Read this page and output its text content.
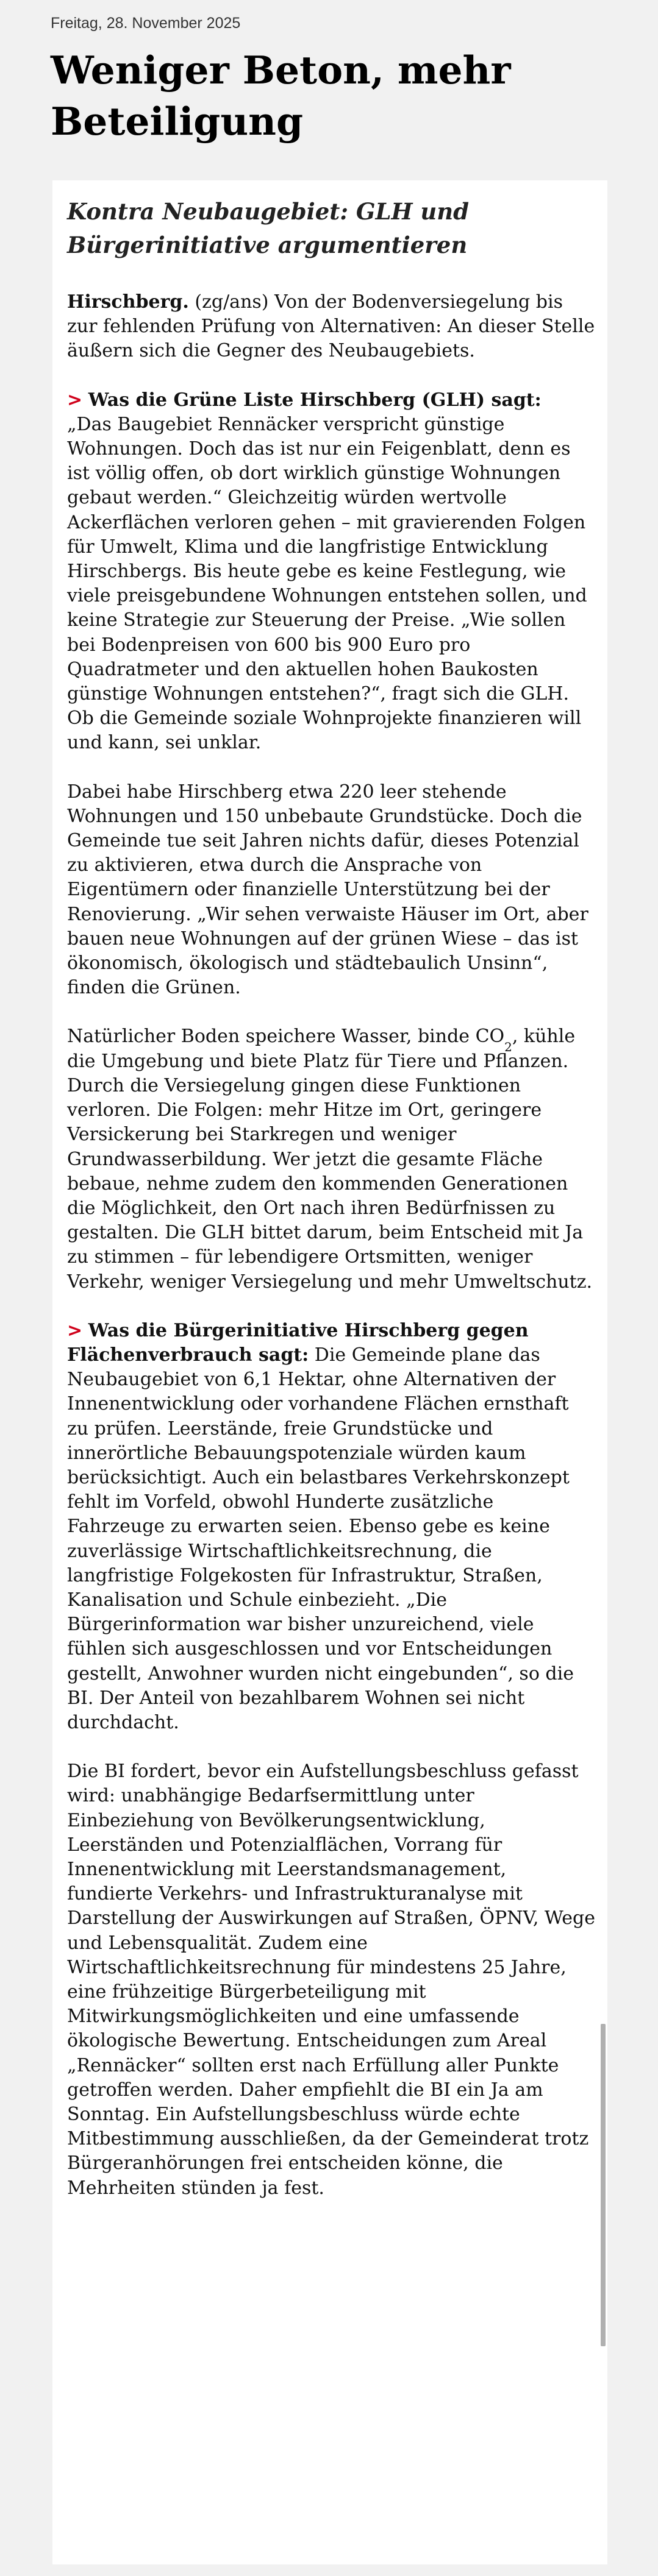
Freitag, 28. November 2025
Weniger Beton, mehr Beteiligung
Kontra Neubaugebiet: GLH und Bürgerinitiative argumentieren

Hirschberg. (zg/ans) Von der Bodenversiegelung bis zur fehlenden Prüfung von Alternativen: An dieser Stelle äußern sich die Gegner des Neubaugebiets.

> Was die Grüne Liste Hirschberg (GLH) sagt:
„Das Baugebiet Rennäcker verspricht günstige Wohnungen. Doch das ist nur ein Feigenblatt, denn es ist völlig offen, ob dort wirklich günstige Wohnungen gebaut werden.“ Gleichzeitig würden wertvolle Ackerflächen verloren gehen – mit gravierenden Folgen für Umwelt, Klima und die langfristige Entwicklung Hirschbergs. Bis heute gebe es keine Festlegung, wie viele preisgebundene Wohnungen entstehen sollen, und keine Strategie zur Steuerung der Preise. „Wie sollen bei Bodenpreisen von 600 bis 900 Euro pro Quadratmeter und den aktuellen hohen Baukosten günstige Wohnungen entstehen?“, fragt sich die GLH. Ob die Gemeinde soziale Wohnprojekte finanzieren will und kann, sei unklar.

Dabei habe Hirschberg etwa 220 leer stehende Wohnungen und 150 unbebaute Grundstücke. Doch die Gemeinde tue seit Jahren nichts dafür, dieses Potenzial zu aktivieren, etwa durch die Ansprache von Eigentümern oder finanzielle Unterstützung bei der Renovierung. „Wir sehen verwaiste Häuser im Ort, aber bauen neue Wohnungen auf der grünen Wiese – das ist ökonomisch, ökologisch und städtebaulich Unsinn“, finden die Grünen.

Natürlicher Boden speichere Wasser, binde $CO_2$, kühle die Umgebung und biete Platz für Tiere und Pflanzen. Durch die Versiegelung gingen diese Funktionen verloren. Die Folgen: mehr Hitze im Ort, geringere Versickerung bei Starkregen und weniger Grundwasserbildung. Wer jetzt die gesamte Fläche bebaue, nehme zudem den kommenden Generationen die Möglichkeit, den Ort nach ihren Bedürfnissen zu gestalten. Die GLH bittet darum, beim Entscheid mit Ja zu stimmen – für lebendigere Ortsmitten, weniger Verkehr, weniger Versiegelung und mehr Umweltschutz.

> Was die Bürgerinitiative Hirschberg gegen Flächenverbrauch sagt: Die Gemeinde plane das Neubaugebiet von 6,1 Hektar, ohne Alternativen der Innenentwicklung oder vorhandene Flächen ernsthaft zu prüfen. Leerstände, freie Grundstücke und innerörtliche Bebauungspotenziale würden kaum berücksichtigt. Auch ein belastbares Verkehrskonzept fehlt im Vorfeld, obwohl Hunderte zusätzliche Fahrzeuge zu erwarten seien. Ebenso gebe es keine zuverlässige Wirtschaftlichkeitsrechnung, die langfristige Folgekosten für Infrastruktur, Straßen, Kanalisation und Schule einbezieht. „Die Bürgerinformation war bisher unzureichend, viele fühlen sich ausgeschlossen und vor Entscheidungen gestellt, Anwohner wurden nicht eingebunden“, so die BI. Der Anteil von bezahlbarem Wohnen sei nicht durchdacht.

Die BI fordert, bevor ein Aufstellungsbeschluss gefasst wird: unabhängige Bedarfsermittlung unter Einbeziehung von Bevölkerungsentwicklung, Leerständen und Potenzialflächen, Vorrang für Innenentwicklung mit Leerstandsmanagement, fundierte Verkehrs- und Infrastrukturanalyse mit Darstellung der Auswirkungen auf Straßen, ÖPNV, Wege und Lebensqualität. Zudem eine Wirtschaftlichkeitsrechnung für mindestens 25 Jahre, eine frühzeitige Bürgerbeteiligung mit Mitwirkungsmöglichkeiten und eine umfassende ökologische Bewertung. Entscheidungen zum Areal „Rennäcker“ sollten erst nach Erfüllung aller Punkte getroffen werden. Daher empfiehlt die BI ein Ja am Sonntag. Ein Aufstellungsbeschluss würde echte Mitbestimmung ausschließen, da der Gemeinderat trotz Bürgeranhörungen frei entscheiden könne, die Mehrheiten stünden ja fest.
